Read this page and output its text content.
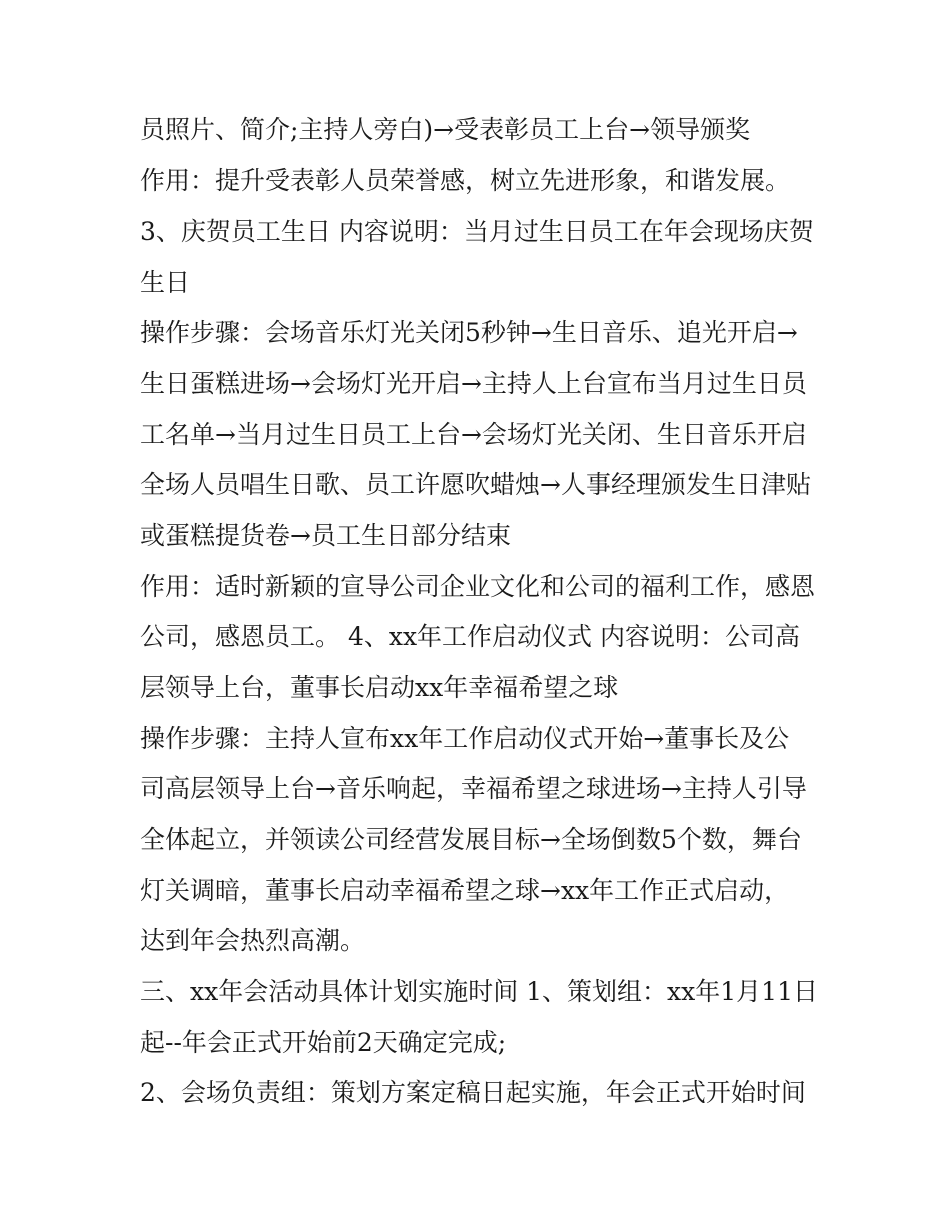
员照片、简介;主持人旁白)→受表彰员工上台→领导颁奖
作用：提升受表彰人员荣誉感，树立先进形象，和谐发展。
3、庆贺员工生日 内容说明：当月过生日员工在年会现场庆贺
生日
操作步骤：会场音乐灯光关闭5秒钟→生日音乐、追光开启→
生日蛋糕进场→会场灯光开启→主持人上台宣布当月过生日员
工名单→当月过生日员工上台→会场灯光关闭、生日音乐开启
全场人员唱生日歌、员工许愿吹蜡烛→人事经理颁发生日津贴
或蛋糕提货卷→员工生日部分结束
作用：适时新颖的宣导公司企业文化和公司的福利工作，感恩
公司，感恩员工。 4、xx年工作启动仪式 内容说明：公司高
层领导上台，董事长启动xx年幸福希望之球
操作步骤：主持人宣布xx年工作启动仪式开始→董事长及公
司高层领导上台→音乐响起，幸福希望之球进场→主持人引导
全体起立，并领读公司经营发展目标→全场倒数5个数，舞台
灯关调暗，董事长启动幸福希望之球→xx年工作正式启动，
达到年会热烈高潮。
三、xx年会活动具体计划实施时间 1、策划组：xx年1月11日
起--年会正式开始前2天确定完成;
2、会场负责组：策划方案定稿日起实施，年会正式开始时间
